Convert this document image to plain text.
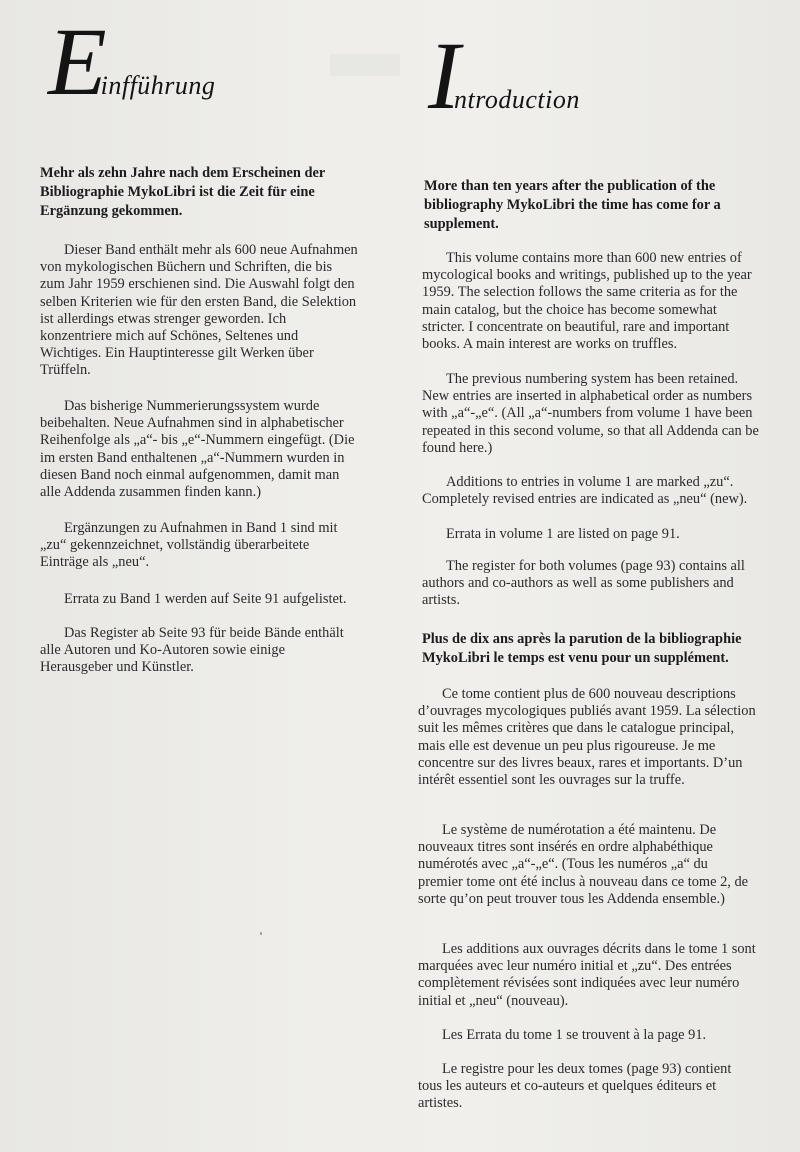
Einfführung

Mehr als zehn Jahre nach dem Erscheinen der Bibliographie MykoLibri ist die Zeit für eine Ergänzung gekommen.

Dieser Band enthält mehr als 600 neue Aufnahmen von mykologischen Büchern und Schriften, die bis zum Jahr 1959 erschienen sind. Die Auswahl folgt den selben Kriterien wie für den ersten Band, die Selektion ist allerdings etwas strenger geworden. Ich konzentriere mich auf Schönes, Seltenes und Wichtiges. Ein Hauptinteresse gilt Werken über Trüffeln.

Das bisherige Nummerierungssystem wurde beibehalten. Neue Aufnahmen sind in alphabetischer Reihenfolge als „a“- bis „e“-Nummern eingefügt. (Die im ersten Band enthaltenen „a“-Nummern wurden in diesen Band noch einmal aufgenommen, damit man alle Addenda zusammen finden kann.)

Ergänzungen zu Aufnahmen in Band 1 sind mit „zu“ gekennzeichnet, vollständig überarbeitete Einträge als „neu“.

Errata zu Band 1 werden auf Seite 91 aufgelistet.

Das Register ab Seite 93 für beide Bände enthält alle Autoren und Ko-Autoren sowie einige Herausgeber und Künstler.

Introduction

More than ten years after the publication of the bibliography MykoLibri the time has come for a supplement.

This volume contains more than 600 new entries of mycological books and writings, published up to the year 1959. The selection follows the same criteria as for the main catalog, but the choice has become somewhat stricter. I concentrate on beautiful, rare and important books. A main interest are works on truffles.

The previous numbering system has been retained. New entries are inserted in alphabetical order as numbers with „a“-„e“. (All „a“-numbers from volume 1 have been repeated in this second volume, so that all Addenda can be found here.)

Additions to entries in volume 1 are marked „zu“. Completely revised entries are indicated as „neu“ (new).

Errata in volume 1 are listed on page 91.

The register for both volumes (page 93) contains all authors and co-authors as well as some publishers and artists.

Plus de dix ans après la parution de la bibliographie MykoLibri le temps est venu pour un supplément.

Ce tome contient plus de 600 nouveau descriptions d’ouvrages mycologiques publiés avant 1959. La sélection suit les mêmes critères que dans le catalogue principal, mais elle est devenue un peu plus rigoureuse. Je me concentre sur des livres beaux, rares et importants. D’un intérêt essentiel sont les ouvrages sur la truffe.

Le système de numérotation a été maintenu. De nouveaux titres sont insérés en ordre alphabéthique numérotés avec „a“-„e“. (Tous les numéros „a“ du premier tome ont été inclus à nouveau dans ce tome 2, de sorte qu’on peut trouver tous les Addenda ensemble.)

Les additions aux ouvrages décrits dans le tome 1 sont marquées avec leur numéro initial et „zu“. Des entrées complètement révisées sont indiquées avec leur numéro initial et „neu“ (nouveau).

Les Errata du tome 1 se trouvent à la page 91.

Le registre pour les deux tomes (page 93) contient tous les auteurs et co-auteurs et quelques éditeurs et artistes.
